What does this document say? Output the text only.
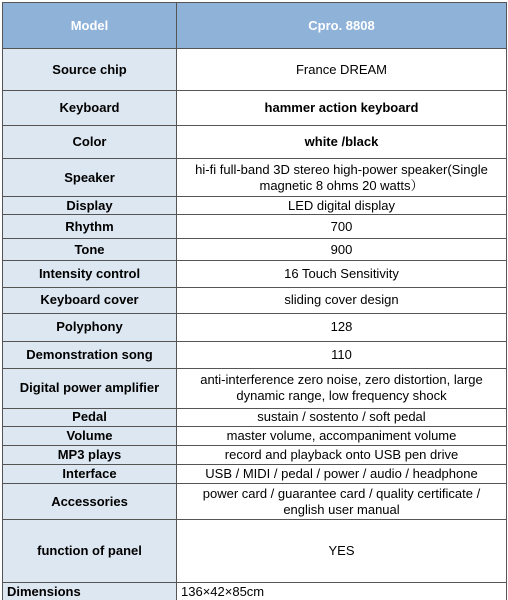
Model	Cpro. 8808
Source chip	France DREAM
Keyboard	hammer action keyboard
Color	white /black
Speaker	hi-fi full-band 3D stereo high-power speaker(Single magnetic 8 ohms 20 watts）
Display	LED digital display
Rhythm	700
Tone	900
Intensity control	16 Touch Sensitivity
Keyboard cover	sliding cover design
Polyphony	128
Demonstration song	110
Digital power amplifier	anti-interference zero noise, zero distortion, large dynamic range, low frequency shock
Pedal	sustain / sostento / soft pedal
Volume	master volume, accompaniment volume
MP3 plays	record and playback onto USB pen drive
Interface	USB / MIDI / pedal / power / audio / headphone
Accessories	power card / guarantee card / quality certificate / english user manual
function of panel	YES
Dimensions	136×42×85cm
